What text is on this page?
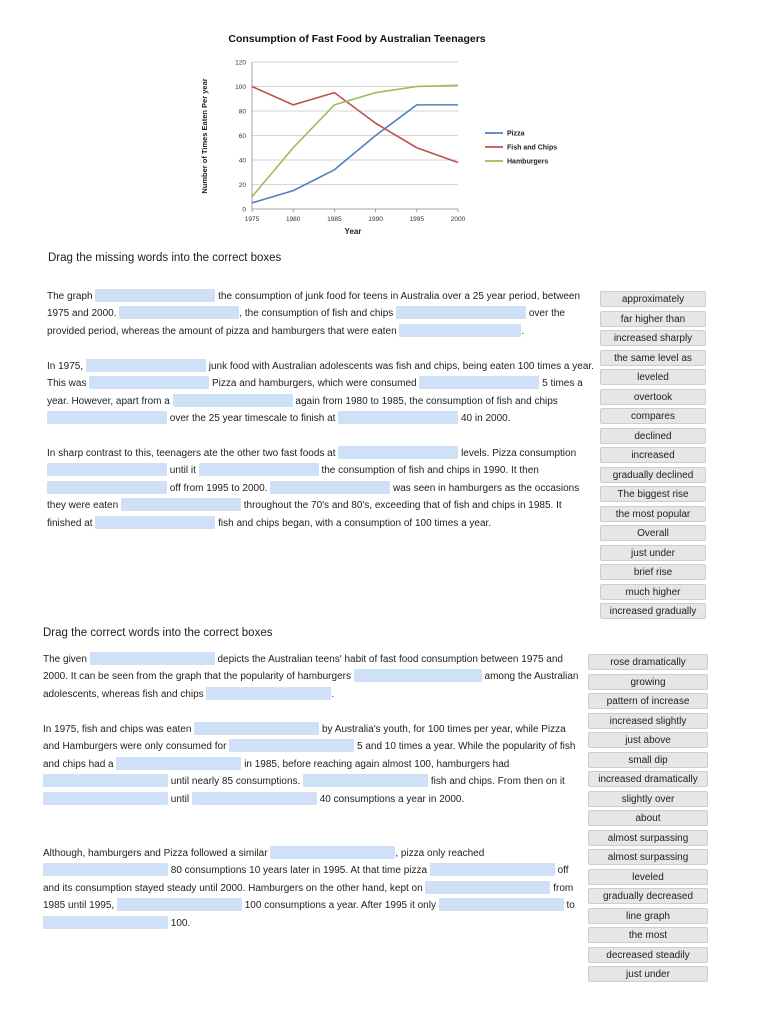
Consumption of Fast Food by Australian Teenagers
0
20
40
60
80
100
120
1975	1980	1985	1990	1995	2000
Pizza
Fish and Chips
Hamburgers
Number of Times Eaten Per year
Year
Drag the missing words into the correct boxes
The graph	the consumption of junk food for teens in Australia over a 25 year period, between 1975 and 2000.	, the consumption of fish and chips	over the provided period, whereas the amount of pizza and hamburgers that were eaten	.
In 1975,	junk food with Australian adolescents was fish and chips, being eaten 100 times a year. This was	Pizza and hamburgers, which were consumed	5 times a year. However, apart from a	again from 1980 to 1985, the consumption of fish and chips  over the 25 year timescale to finish at	40 in 2000.
In sharp contrast to this, teenagers ate the other two fast foods at	levels. Pizza consumption  until it	the consumption of fish and chips in 1990. It then  off from 1995 to 2000.	was seen in hamburgers as the occasions they were eaten	throughout the 70's and 80's, exceeding that of fish and chips in 1985. It finished at	fish and chips began, with a consumption of 100 times a year.
approximately
far higher than
increased sharply
the same level as
leveled
overtook
compares
declined
increased
gradually declined
The biggest rise
the most popular
Overall
just under
brief rise
much higher
increased gradually
Drag the correct words into the correct boxes
The given	depicts the Australian teens' habit of fast food consumption between 1975 and 2000. It can be seen from the graph that the popularity of hamburgers	among the Australian adolescents, whereas fish and chips	.
In 1975, fish and chips was eaten	by Australia's youth, for 100 times per year, while Pizza and Hamburgers were only consumed for	5 and 10 times a year. While the popularity of fish and chips had a	in 1985, before reaching again almost 100, hamburgers had  until nearly 85 consumptions.	fish and chips. From then on it  until	40 consumptions a year in 2000.
Although, hamburgers and Pizza followed a similar	, pizza only reached  80 consumptions 10 years later in 1995. At that time pizza	off and its consumption stayed steady until 2000. Hamburgers on the other hand, kept on	from 1985 until 1995,	100 consumptions a year. After 1995 it only	to  100.
rose dramatically
growing
pattern of increase
increased slightly
just above
small dip
increased dramatically
slightly over
about
almost surpassing
almost surpassing
leveled
gradually decreased
line graph
the most
decreased steadily
just under
